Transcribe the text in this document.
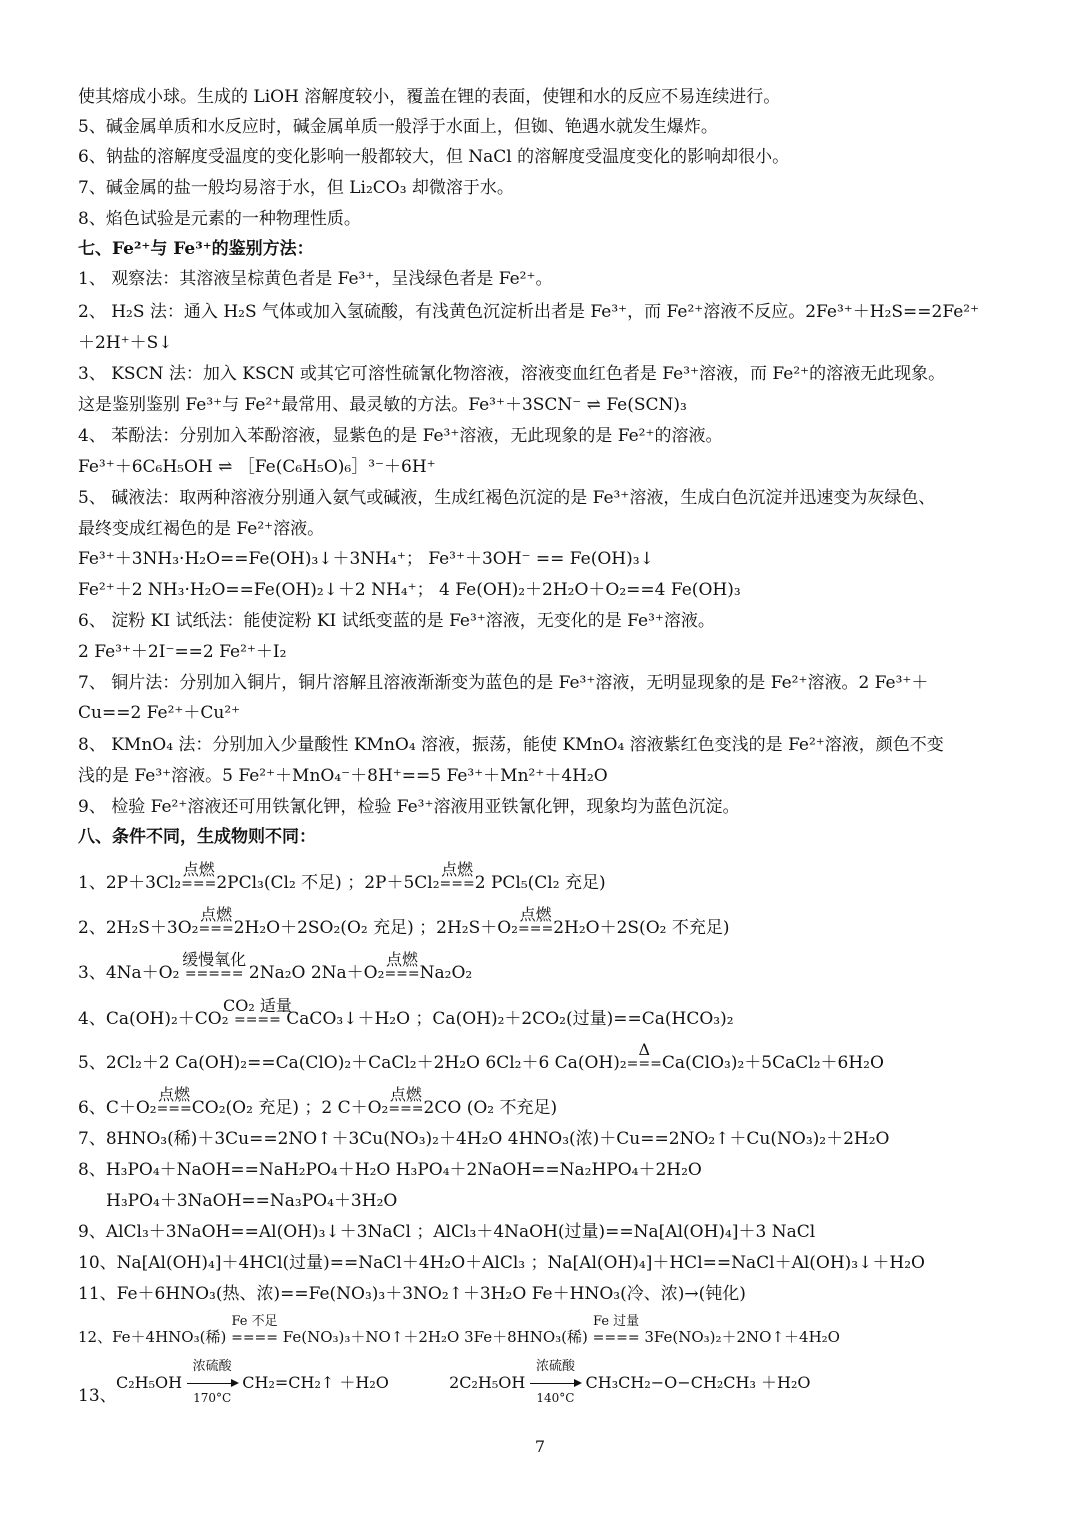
使其熔成小球。生成的 LiOH 溶解度较小，覆盖在锂的表面，使锂和水的反应不易连续进行。
5、碱金属单质和水反应时，碱金属单质一般浮于水面上，但铷、铯遇水就发生爆炸。
6、钠盐的溶解度受温度的变化影响一般都较大，但 NaCl 的溶解度受温度变化的影响却很小。
7、碱金属的盐一般均易溶于水，但 Li₂CO₃ 却微溶于水。
8、焰色试验是元素的一种物理性质。
七、Fe²⁺与 Fe³⁺的鉴别方法：
1、 观察法：其溶液呈棕黄色者是 Fe³⁺，呈浅绿色者是 Fe²⁺。
2、 H₂S 法：通入 H₂S 气体或加入氢硫酸，有浅黄色沉淀析出者是 Fe³⁺，而 Fe²⁺溶液不反应。2Fe³⁺＋H₂S==2Fe²⁺
＋2H⁺＋S↓
3、 KSCN 法：加入 KSCN 或其它可溶性硫氰化物溶液，溶液变血红色者是 Fe³⁺溶液，而 Fe²⁺的溶液无此现象。
这是鉴别鉴别 Fe³⁺与 Fe²⁺最常用、最灵敏的方法。Fe³⁺＋3SCN⁻ ⇌ Fe(SCN)₃
4、 苯酚法：分别加入苯酚溶液，显紫色的是 Fe³⁺溶液，无此现象的是 Fe²⁺的溶液。
Fe³⁺＋6C₆H₅OH ⇌ ［Fe(C₆H₅O)₆］³⁻＋6H⁺
5、 碱液法：取两种溶液分别通入氨气或碱液，生成红褐色沉淀的是 Fe³⁺溶液，生成白色沉淀并迅速变为灰绿色、
最终变成红褐色的是 Fe²⁺溶液。
Fe³⁺＋3NH₃·H₂O==Fe(OH)₃↓＋3NH₄⁺； Fe³⁺＋3OH⁻ == Fe(OH)₃↓
Fe²⁺＋2 NH₃·H₂O==Fe(OH)₂↓＋2 NH₄⁺； 4 Fe(OH)₂＋2H₂O＋O₂==4 Fe(OH)₃
6、 淀粉 KI 试纸法：能使淀粉 KI 试纸变蓝的是 Fe³⁺溶液，无变化的是 Fe³⁺溶液。
2 Fe³⁺＋2I⁻==2 Fe²⁺＋I₂
7、 铜片法：分别加入铜片，铜片溶解且溶液渐渐变为蓝色的是 Fe³⁺溶液，无明显现象的是 Fe²⁺溶液。2 Fe³⁺＋
Cu==2 Fe²⁺＋Cu²⁺
8、 KMnO₄ 法：分别加入少量酸性 KMnO₄ 溶液，振荡，能使 KMnO₄ 溶液紫红色变浅的是 Fe²⁺溶液，颜色不变
浅的是 Fe³⁺溶液。5 Fe²⁺＋MnO₄⁻＋8H⁺==5 Fe³⁺＋Mn²⁺＋4H₂O
9、 检验 Fe²⁺溶液还可用铁氰化钾，检验 Fe³⁺溶液用亚铁氰化钾，现象均为蓝色沉淀。
八、条件不同，生成物则不同：
1、2P＋3Cl₂
点燃
===2PCl₃(Cl₂ 不足) ；2P＋5Cl₂
点燃
===2 PCl₅(Cl₂ 充足)
2、2H₂S＋3O₂
点燃
===2H₂O＋2SO₂(O₂ 充足) ；2H₂S＋O₂
点燃
===2H₂O＋2S(O₂ 不充足)
3、4Na＋O₂
缓慢氧化
===== 2Na₂O 2Na＋O₂
点燃
===Na₂O₂
4、Ca(OH)₂＋CO₂
CO₂ 适量
==== CaCO₃↓＋H₂O ；Ca(OH)₂＋2CO₂(过量)==Ca(HCO₃)₂
5、2Cl₂＋2 Ca(OH)₂==Ca(ClO)₂＋CaCl₂＋2H₂O 6Cl₂＋6 Ca(OH)₂
Δ
===Ca(ClO₃)₂＋5CaCl₂＋6H₂O
6、C＋O₂
点燃
===CO₂(O₂ 充足) ；2 C＋O₂
点燃
===2CO (O₂ 不充足)
7、8HNO₃(稀)＋3Cu==2NO↑＋3Cu(NO₃)₂＋4H₂O 4HNO₃(浓)＋Cu==2NO₂↑＋Cu(NO₃)₂＋2H₂O
8、H₃PO₄＋NaOH==NaH₂PO₄＋H₂O H₃PO₄＋2NaOH==Na₂HPO₄＋2H₂O
H₃PO₄＋3NaOH==Na₃PO₄＋3H₂O
9、AlCl₃＋3NaOH==Al(OH)₃↓＋3NaCl ；AlCl₃＋4NaOH(过量)==Na[Al(OH)₄]＋3 NaCl
10、Na[Al(OH)₄]＋4HCl(过量)==NaCl＋4H₂O＋AlCl₃ ；Na[Al(OH)₄]＋HCl==NaCl＋Al(OH)₃↓＋H₂O
11、Fe＋6HNO₃(热、浓)==Fe(NO₃)₃＋3NO₂↑＋3H₂O Fe＋HNO₃(冷、浓)→(钝化)
12、Fe＋4HNO₃(稀)
Fe 不足
==== Fe(NO₃)₃＋NO↑＋2H₂O 3Fe＋8HNO₃(稀)
Fe 过量
==== 3Fe(NO₃)₂＋2NO↑＋4H₂O
13、
C₂H₅OH
浓硫酸
170°C
CH₂=CH₂↑ ＋H₂O	2C₂H₅OH
浓硫酸
140°C
CH₃CH₂−O−CH₂CH₃ ＋H₂O
7
